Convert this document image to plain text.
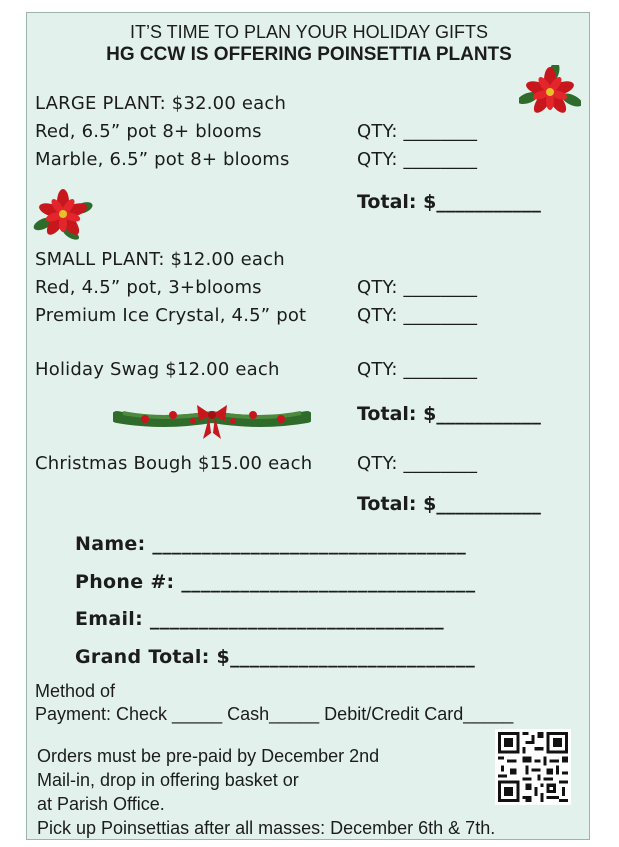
IT’S TIME TO PLAN YOUR HOLIDAY GIFTS
HG CCW IS OFFERING POINSETTIA PLANTS
LARGE PLANT: $32.00 each
Red, 6.5” pot 8+ blooms	QTY: ________
Marble, 6.5” pot 8+ blooms	QTY: ________
Total: $___________
SMALL PLANT: $12.00 each
Red, 4.5” pot, 3+blooms	QTY: ________
Premium Ice Crystal, 4.5” pot	QTY: ________
Holiday Swag $12.00 each	QTY: ________
Total: $___________
Christmas Bough $15.00 each QTY: ________
Total: $___________
Name: ________________________________
Phone #: ______________________________
Email: ______________________________
Grand Total: $_________________________
Method of
Payment: Check _____ Cash_____ Debit/Credit Card_____
Orders must be pre-paid by December 2nd
Mail-in, drop in offering basket or
at Parish Office.
Pick up Poinsettias after all masses: December 6th & 7th.
